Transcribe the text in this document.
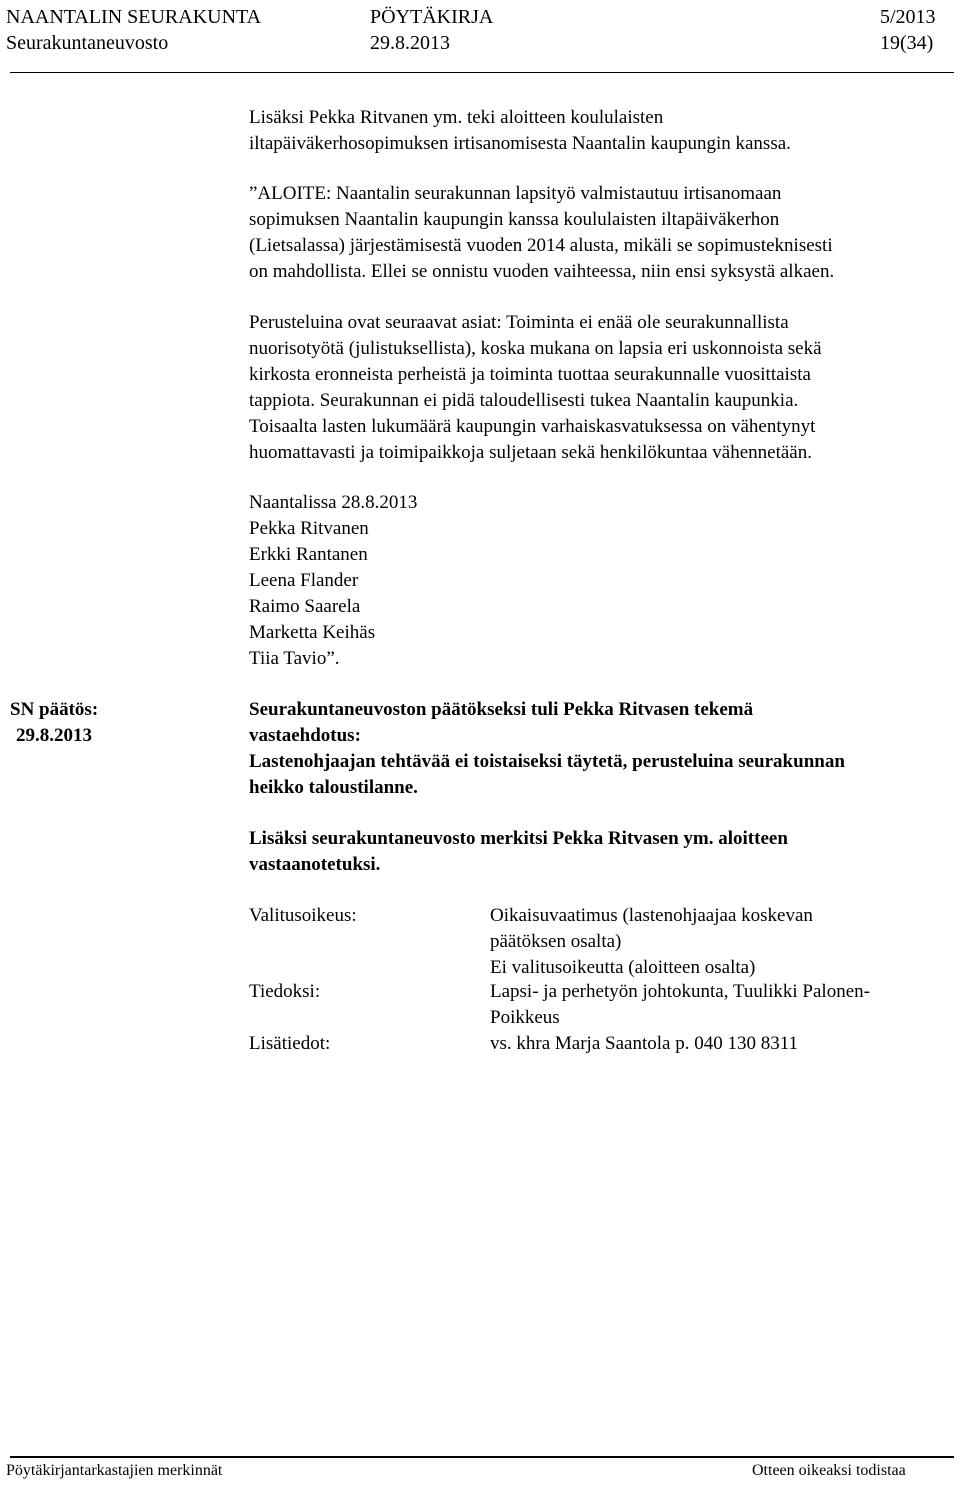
NAANTALIN SEURAKUNTA	PÖYTÄKIRJA	5/2013
Seurakuntaneuvosto	29.8.2013	19(34)
Lisäksi Pekka Ritvanen ym. teki aloitteen koululaisten
iltapäiväkerhosopimuksen irtisanomisesta Naantalin kaupungin kanssa.
”ALOITE: Naantalin seurakunnan lapsityö valmistautuu irtisanomaan
sopimuksen Naantalin kaupungin kanssa koululaisten iltapäiväkerhon
(Lietsalassa) järjestämisestä vuoden 2014 alusta, mikäli se sopimusteknisesti
on mahdollista. Ellei se onnistu vuoden vaihteessa, niin ensi syksystä alkaen.
Perusteluina ovat seuraavat asiat: Toiminta ei enää ole seurakunnallista
nuorisotyötä (julistuksellista), koska mukana on lapsia eri uskonnoista sekä
kirkosta eronneista perheistä ja toiminta tuottaa seurakunnalle vuosittaista
tappiota. Seurakunnan ei pidä taloudellisesti tukea Naantalin kaupunkia.
Toisaalta lasten lukumäärä kaupungin varhaiskasvatuksessa on vähentynyt
huomattavasti ja toimipaikkoja suljetaan sekä henkilökuntaa vähennetään.
Naantalissa 28.8.2013
Pekka Ritvanen
Erkki Rantanen
Leena Flander
Raimo Saarela
Marketta Keihäs
Tiia Tavio”.
SN päätös:
29.8.2013
Seurakuntaneuvoston päätökseksi tuli Pekka Ritvasen tekemä
vastaehdotus:
Lastenohjaajan tehtävää ei toistaiseksi täytetä, perusteluina seurakunnan
heikko taloustilanne.
Lisäksi seurakuntaneuvosto merkitsi Pekka Ritvasen ym. aloitteen
vastaanotetuksi.
Valitusoikeus:	Oikaisuvaatimus (lastenohjaajaa koskevan
päätöksen osalta)
Ei valitusoikeutta (aloitteen osalta)
Tiedoksi:	Lapsi- ja perhetyön johtokunta, Tuulikki Palonen-
Poikkeus
Lisätiedot:	vs. khra Marja Saantola p. 040 130 8311
Pöytäkirjantarkastajien merkinnät	Otteen oikeaksi todistaa
